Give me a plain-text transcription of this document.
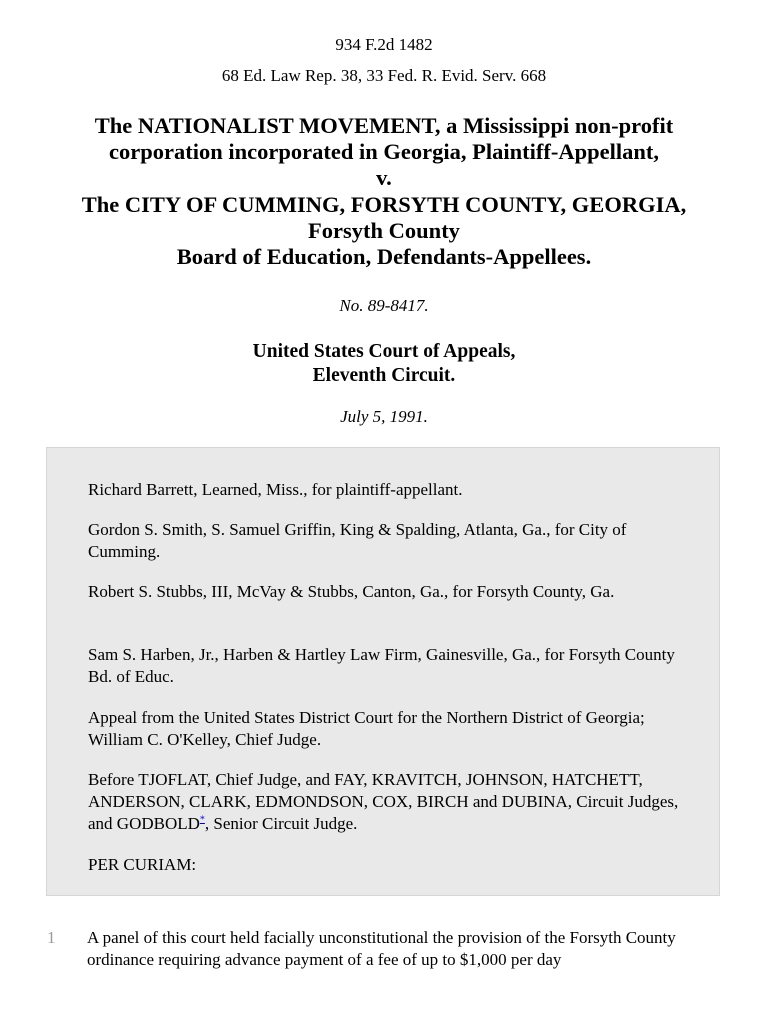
934 F.2d 1482
68 Ed. Law Rep. 38, 33 Fed. R. Evid. Serv. 668
The NATIONALIST MOVEMENT, a Mississippi non-profit
corporation incorporated in Georgia, Plaintiff-Appellant,
v.
The CITY OF CUMMING, FORSYTH COUNTY, GEORGIA,
Forsyth County
Board of Education, Defendants-Appellees.
No. 89-8417.
United States Court of Appeals,
Eleventh Circuit.
July 5, 1991.

Richard Barrett, Learned, Miss., for plaintiff-appellant.

Gordon S. Smith, S. Samuel Griffin, King & Spalding, Atlanta, Ga., for City of Cumming.

Robert S. Stubbs, III, McVay & Stubbs, Canton, Ga., for Forsyth County, Ga.

Sam S. Harben, Jr., Harben & Hartley Law Firm, Gainesville, Ga., for Forsyth County Bd. of Educ.

Appeal from the United States District Court for the Northern District of Georgia; William C. O'Kelley, Chief Judge.

Before TJOFLAT, Chief Judge, and FAY, KRAVITCH, JOHNSON, HATCHETT, ANDERSON, CLARK, EDMONDSON, COX, BIRCH and DUBINA, Circuit Judges, and GODBOLD*, Senior Circuit Judge.

PER CURIAM:

1 A panel of this court held facially unconstitutional the provision of the Forsyth County ordinance requiring advance payment of a fee of up to $1,000 per day
